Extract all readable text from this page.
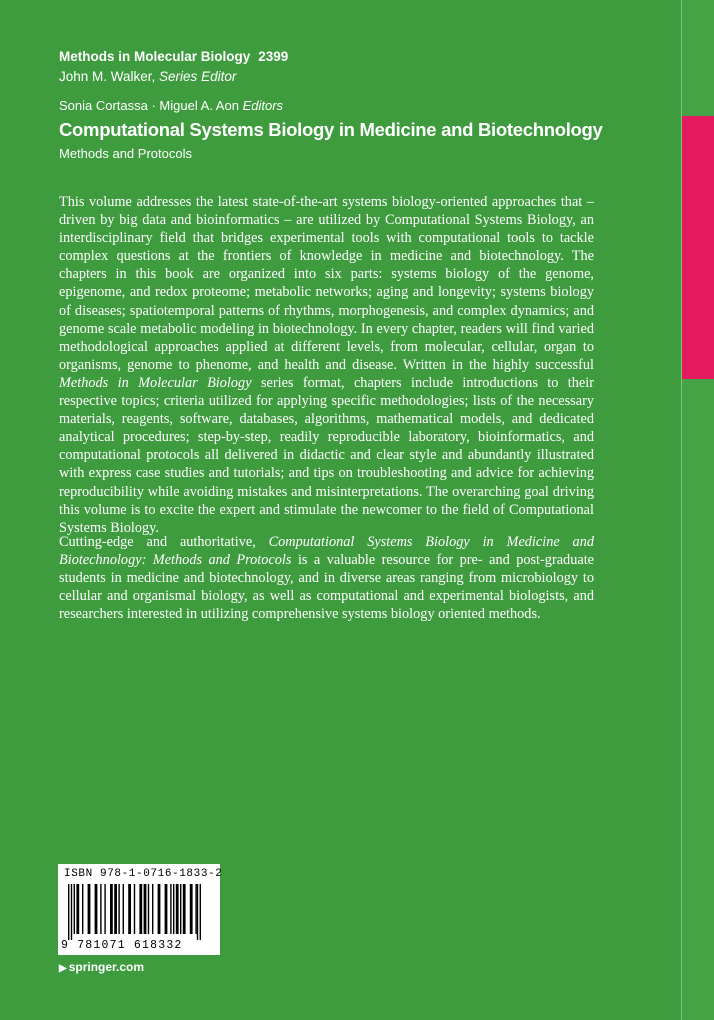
Methods in Molecular Biology 2399
John M. Walker, Series Editor
Sonia Cortassa · Miguel A. Aon Editors
Computational Systems Biology in Medicine and Biotechnology
Methods and Protocols

This volume addresses the latest state-of-the-art systems biology-oriented approaches that – driven by big data and bioinformatics – are utilized by Computational Systems Biology, an interdisciplinary field that bridges experimental tools with computational tools to tackle complex questions at the frontiers of knowledge in medicine and biotechnology. The chapters in this book are organized into six parts: systems biology of the genome, epigenome, and redox proteome; metabolic networks; aging and longevity; systems biology of diseases; spatiotemporal patterns of rhythms, morphogenesis, and complex dynamics; and genome scale metabolic modeling in biotechnology. In every chapter, readers will find varied methodological approaches applied at different levels, from molecular, cellular, organ to organisms, genome to phenome, and health and disease. Written in the highly successful Methods in Molecular Biology series format, chapters include introductions to their respective topics; criteria utilized for applying specific methodologies; lists of the necessary materials, reagents, software, databases, algorithms, mathematical models, and dedicated analytical procedures; step-by-step, readily reproducible laboratory, bioinformatics, and computational protocols all delivered in didactic and clear style and abundantly illustrated with express case studies and tutorials; and tips on troubleshooting and advice for achieving reproducibility while avoiding mistakes and misinterpretations. The overarching goal driving this volume is to excite the expert and stimulate the newcomer to the field of Computational Systems Biology.

Cutting-edge and authoritative, Computational Systems Biology in Medicine and Biotechnology: Methods and Protocols is a valuable resource for pre- and post-graduate students in medicine and biotechnology, and in diverse areas ranging from microbiology to cellular and organismal biology, as well as computational and experimental biologists, and researchers interested in utilizing comprehensive systems biology oriented methods.

ISBN 978-1-0716-1833-2
9 781071 618332
▶ springer.com
